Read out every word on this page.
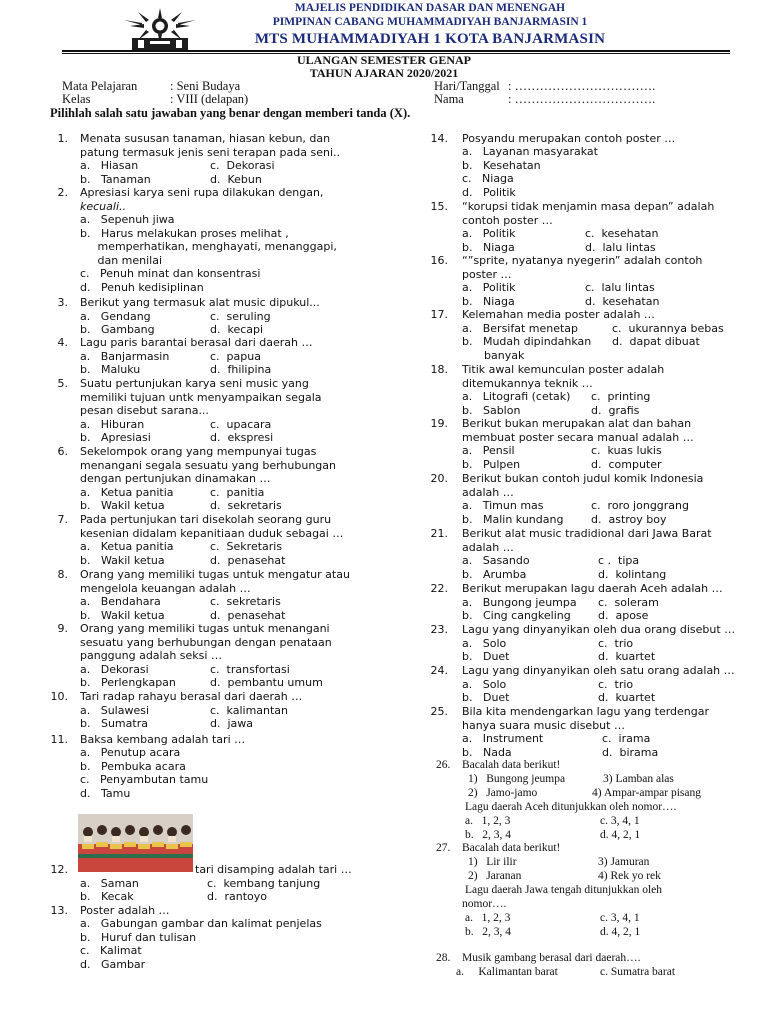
MAJELIS PENDIDIKAN DASAR DAN MENENGAH
PIMPINAN CABANG MUHAMMADIYAH BANJARMASIN 1
MTS MUHAMMADIYAH 1 KOTA BANJARMASIN
ULANGAN SEMESTER GENAP
TAHUN AJARAN 2020/2021
Mata Pelajaran	: Seni Budaya
Kelas	: VIII (delapan)
Hari/Tanggal : …………………………….
Nama	: …………………………….
Pilihlah salah satu jawaban yang benar dengan memberi tanda (X).
1. Menata sususan tanaman, hiasan kebun, dan
patung termasuk jenis seni terapan pada seni..
a.   Hiasan	c.  Dekorasi
b.   Tanaman	d.  Kebun
2. Apresiasi karya seni rupa dilakukan dengan,
kecuali..
3. Berikut yang termasuk alat music dipukul...
a.   Gendang	c.  seruling
b.   Gambang	d.  kecapi
4. Lagu paris barantai berasal dari daerah …
a.   Banjarmasin	c.  papua
b.   Maluku	d.  fhilipina
5. Suatu pertunjukan karya seni music yang
memiliki tujuan untk menyampaikan segala
pesan disebut sarana...
a.   Hiburan	c.  upacara
b.   Apresiasi	d.  ekspresi
6. Sekelompok orang yang mempunyai tugas
menangani segala sesuatu yang berhubungan
dengan pertunjukan dinamakan …
a.   Ketua panitia	c.  panitia
b.   Wakil ketua	d.  sekretaris
7. Pada pertunjukan tari disekolah seorang guru
kesenian didalam kepanitiaan duduk sebagai …
a.   Ketua panitia	c.  Sekretaris
b.   Wakil ketua	d.  penasehat
8. Orang yang memiliki tugas untuk mengatur atau
mengelola keuangan adalah …
a.   Bendahara	c.  sekretaris
b.   Wakil ketua	d.  penasehat
9. Orang yang memiliki tugas untuk menangani
sesuatu yang berhubungan dengan penataan
panggung adalah seksi …
a.   Dekorasi	c.  transfortasi
b.   Perlengkapan	d.  pembantu umum
10. Tari radap rahayu berasal dari daerah …
a.   Sulawesi	c.  kalimantan
b.   Sumatra	d.  jawa
11. Baksa kembang adalah tari …
12.	tari disamping adalah tari …
a.   Saman	c.  kembang tanjung
b.   Kecak	d.  rantoyo
13. Poster adalah …
14. Posyandu merupakan contoh poster …
15. “korupsi tidak menjamin masa depan” adalah
contoh poster …
a.   Politik	c.  kesehatan
b.   Niaga	d.  lalu lintas
16. “”sprite, nyatanya nyegerin” adalah contoh
poster …
a.   Politik	c.  lalu lintas
b.   Niaga	d.  kesehatan
17. Kelemahan media poster adalah …
a.   Bersifat menetap	c.  ukurannya bebas
b.   Mudah dipindahkan d.  dapat dibuat
18. Titik awal kemunculan poster adalah
ditemukannya teknik …
a.   Litografi (cetak) c.  printing
b.   Sablon	d.  grafis
19. Berikut bukan merupakan alat dan bahan
membuat poster secara manual adalah …
a.   Pensil	c.  kuas lukis
b.   Pulpen	d.  computer
20. Berikut bukan contoh judul komik Indonesia
adalah …
a.   Timun mas	c.  roro jonggrang
b.   Malin kundang	d.  astroy boy
21. Berikut alat music tradidional dari Jawa Barat
adalah …
a.   Sasando	c .  tipa
b.   Arumba	d.  kolintang
22. Berikut merupakan lagu daerah Aceh adalah …
a.   Bungong jeumpa c.  soleram
b.   Cing cangkeling d.  apose
23. Lagu yang dinyanyikan oleh dua orang disebut …
a.   Solo	c.  trio
b.   Duet	d.  kuartet
24. Lagu yang dinyanyikan oleh satu orang adalah …
a.   Solo	c.  trio
b.   Duet	d.  kuartet
25. Bila kita mendengarkan lagu yang terdengar
hanya suara music disebut …
a.   Instrument	c.  irama
b.   Nada	d.  birama
a.   Sepenuh jiwa
b.   Harus melakukan proses melihat ,
memperhatikan, menghayati, menanggapi,
dan menilai
c.   Penuh minat dan konsentrasi
d.   Penuh kedisiplinan
a.   Penutup acara
b.   Pembuka acara
c.   Penyambutan tamu
d.   Tamu
a.   Gabungan gambar dan kalimat penjelas
b.   Huruf dan tulisan
c.   Kalimat
d.   Gambar
a.   Layanan masyarakat
b.   Kesehatan
c.   Niaga
d.   Politik
banyak
26. Bacalah data berikut!
1)   Bungong jeumpa	3) Lamban alas
2)   Jamo-jamo	4) Ampar-ampar pisang
Lagu daerah Aceh ditunjukkan oleh nomor….
a.   1, 2, 3	c. 3, 4, 1
b.   2, 3, 4	d. 4, 2, 1
27. Bacalah data berikut!
1)   Lir ilir	3) Jamuran
2)   Jaranan	4) Rek yo rek
Lagu daerah Jawa tengah ditunjukkan oleh
nomor….
a.   1, 2, 3	c. 3, 4, 1
b.   2, 3, 4	d. 4, 2, 1
28. Musik gambang berasal dari daerah….
a.     Kalimantan barat	c. Sumatra barat
